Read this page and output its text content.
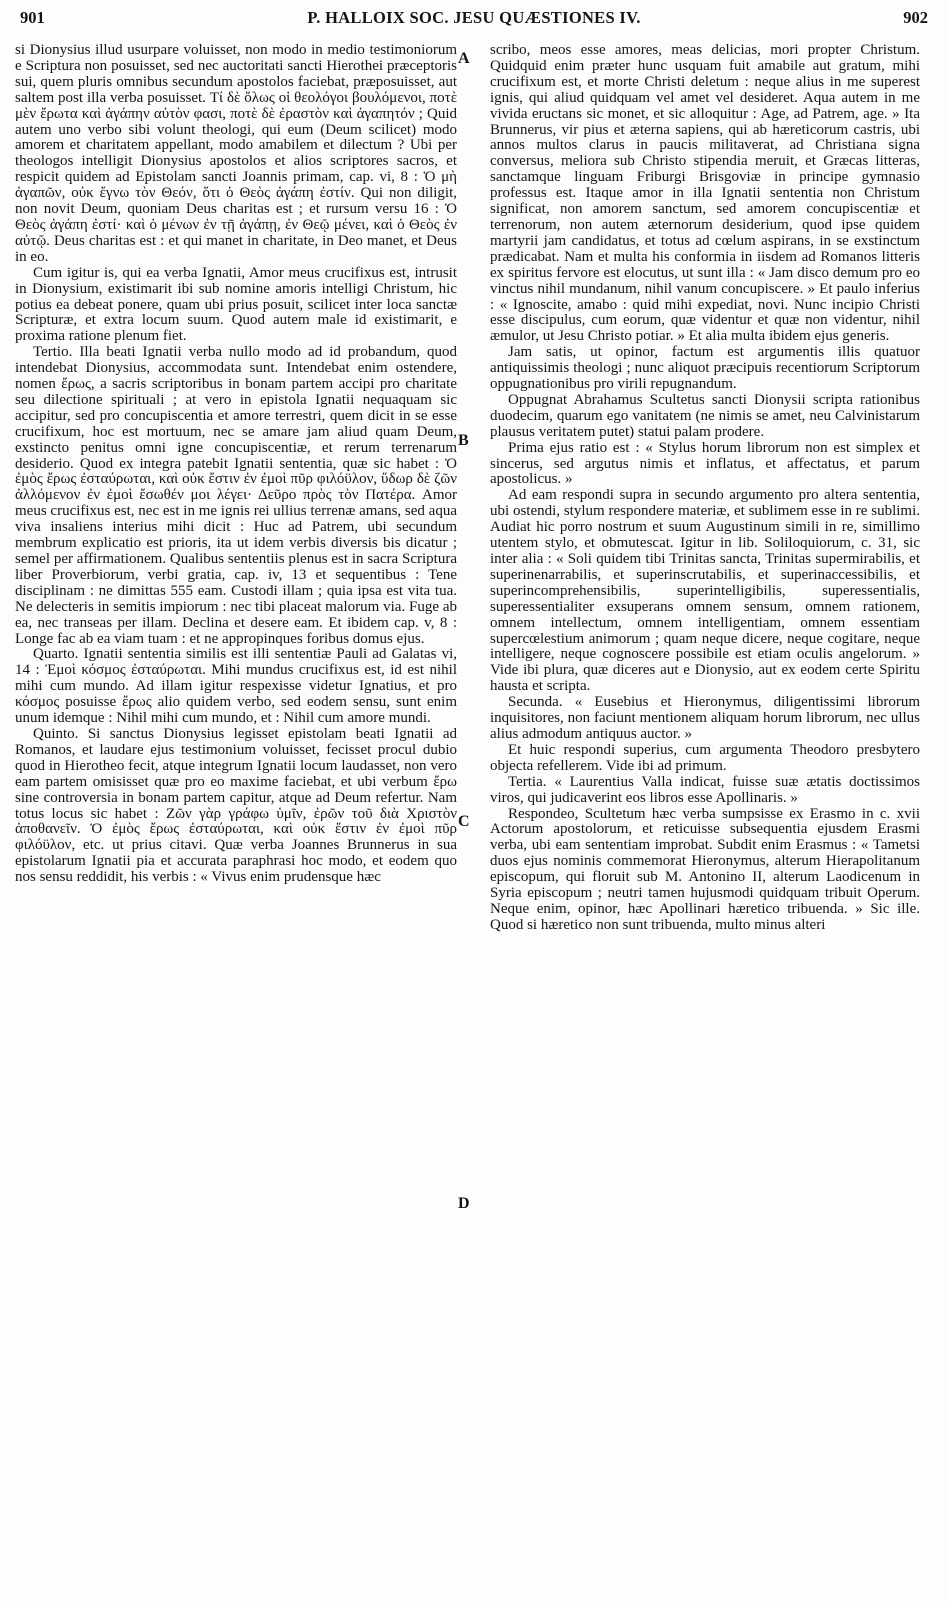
901	P. HALLOIX SOC. JESU QUÆSTIONES IV.	902
A
B
C
D

si Dionysius illud usurpare voluisset, non modo in medio testimoniorum e Scriptura non posuisset, sed nec auctoritati sancti Hierothei præceptoris sui, quem pluris omnibus secundum apostolos faciebat, præposuisset, aut saltem post illa verba posuisset. Τί δὲ ὅλως οἱ θεολόγοι βουλόμενοι, ποτὲ μὲν ἔρωτα καὶ ἀγάπην αὐτὸν φασι, ποτὲ δὲ ἐραστὸν καὶ ἀγαπητόν ; Quid autem uno verbo sibi volunt theologi, qui eum (Deum scilicet) modo amorem et charitatem appellant, modo amabilem et dilectum ? Ubi per theologos intelligit Dionysius apostolos et alios scriptores sacros, et respicit quidem ad Epistolam sancti Joannis primam, cap. vi, 8 : Ὁ μὴ ἀγαπῶν, οὐκ ἔγνω τὸν Θεόν, ὅτι ὁ Θεὸς ἀγάπη ἐστίν. Qui non diligit, non novit Deum, quoniam Deus charitas est ; et rursum versu 16 : Ὁ Θεὸς ἀγάπη ἐστί· καὶ ὁ μένων ἐν τῇ ἀγάπῃ, ἐν Θεῷ μένει, καὶ ὁ Θεὸς ἐν αὐτῷ. Deus charitas est : et qui manet in charitate, in Deo manet, et Deus in eo.

Cum igitur is, qui ea verba Ignatii, Amor meus crucifixus est, intrusit in Dionysium, existimarit ibi sub nomine amoris intelligi Christum, hic potius ea debeat ponere, quam ubi prius posuit, scilicet inter loca sanctæ Scripturæ, et extra locum suum. Quod autem male id existimarit, e proxima ratione plenum fiet.

Tertio. Illa beati Ignatii verba nullo modo ad id probandum, quod intendebat Dionysius, accommodata sunt. Intendebat enim ostendere, nomen ἔρως, a sacris scriptoribus in bonam partem accipi pro charitate seu dilectione spirituali ; at vero in epistola Ignatii nequaquam sic accipitur, sed pro concupiscentia et amore terrestri, quem dicit in se esse crucifixum, hoc est mortuum, nec se amare jam aliud quam Deum, exstincto penitus omni igne concupiscentiæ, et rerum terrenarum desiderio. Quod ex integra patebit Ignatii sententia, quæ sic habet : Ὁ ἐμὸς ἔρως ἐσταύρωται, καὶ οὐκ ἔστιν ἐν ἐμοὶ πῦρ φιλόϋλον, ὕδωρ δὲ ζῶν ἀλλόμενον ἐν ἐμοὶ ἔσωθέν μοι λέγει· Δεῦρο πρὸς τὸν Πατέρα. Amor meus crucifixus est, nec est in me ignis rei ullius terrenæ amans, sed aqua viva insaliens interius mihi dicit : Huc ad Patrem, ubi secundum membrum explicatio est prioris, ita ut idem verbis diversis bis dicatur ; semel per affirmationem. Qualibus sententiis plenus est in sacra Scriptura liber Proverbiorum, verbi gratia, cap. iv, 13 et sequentibus : Tene disciplinam : ne dimittas 555 eam. Custodi illam ; quia ipsa est vita tua. Ne delecteris in semitis impiorum : nec tibi placeat malorum via. Fuge ab ea, nec transeas per illam. Declina et desere eam. Et ibidem cap. v, 8 : Longe fac ab ea viam tuam : et ne appropinques foribus domus ejus.

Quarto. Ignatii sententia similis est illi sententiæ Pauli ad Galatas vi, 14 : Ἐμοὶ κόσμος ἐσταύρωται. Mihi mundus crucifixus est, id est nihil mihi cum mundo. Ad illam igitur respexisse videtur Ignatius, et pro κόσμος posuisse ἔρως alio quidem verbo, sed eodem sensu, sunt enim unum idemque : Nihil mihi cum mundo, et : Nihil cum amore mundi.

Quinto. Si sanctus Dionysius legisset epistolam beati Ignatii ad Romanos, et laudare ejus testimonium voluisset, fecisset procul dubio quod in Hierotheo fecit, atque integrum Ignatii locum laudasset, non vero eam partem omisisset quæ pro eo maxime faciebat, et ubi verbum ἔρω sine controversia in bonam partem capitur, atque ad Deum refertur. Nam totus locus sic habet : Ζῶν γὰρ γράφω ὑμῖν, ἐρῶν τοῦ διὰ Χριστὸν ἀποθανεῖν. Ὁ ἐμὸς ἔρως ἐσταύρωται, καὶ οὐκ ἔστιν ἐν ἐμοὶ πῦρ φιλόϋλον, etc. ut prius citavi. Quæ verba Joannes Brunnerus in sua epistolarum Ignatii pia et accurata paraphrasi hoc modo, et eodem quo nos sensu reddidit, his verbis : « Vivus enim prudensque hæc

scribo, meos esse amores, meas delicias, mori propter Christum. Quidquid enim præter hunc usquam fuit amabile aut gratum, mihi crucifixum est, et morte Christi deletum : neque alius in me superest ignis, qui aliud quidquam vel amet vel desideret. Aqua autem in me vivida eructans sic monet, et sic alloquitur : Age, ad Patrem, age. » Ita Brunnerus, vir pius et æterna sapiens, qui ab hæreticorum castris, ubi annos multos clarus in paucis militaverat, ad Christiana signa conversus, meliora sub Christo stipendia meruit, et Græcas litteras, sanctamque linguam Friburgi Brisgoviæ in principe gymnasio professus est. Itaque amor in illa Ignatii sententia non Christum significat, non amorem sanctum, sed amorem concupiscentiæ et terrenorum, non autem æternorum desiderium, quod ipse quidem martyrii jam candidatus, et totus ad cœlum aspirans, in se exstinctum prædicabat. Nam et multa his conformia in iisdem ad Romanos litteris ex spiritus fervore est elocutus, ut sunt illa : « Jam disco demum pro eo vinctus nihil mundanum, nihil vanum concupiscere. » Et paulo inferius : « Ignoscite, amabo : quid mihi expediat, novi. Nunc incipio Christi esse discipulus, cum eorum, quæ videntur et quæ non videntur, nihil æmulor, ut Jesu Christo potiar. » Et alia multa ibidem ejus generis.

Jam satis, ut opinor, factum est argumentis illis quatuor antiquissimis theologi ; nunc aliquot præcipuis recentiorum Scriptorum oppugnationibus pro virili repugnandum.

Oppugnat Abrahamus Scultetus sancti Dionysii scripta rationibus duodecim, quarum ego vanitatem (ne nimis se amet, neu Calvinistarum plausus veritatem putet) statui palam prodere.

Prima ejus ratio est : « Stylus horum librorum non est simplex et sincerus, sed argutus nimis et inflatus, et affectatus, et parum apostolicus. »

Ad eam respondi supra in secundo argumento pro altera sententia, ubi ostendi, stylum respondere materiæ, et sublimem esse in re sublimi. Audiat hic porro nostrum et suum Augustinum simili in re, simillimo utentem stylo, et obmutescat. Igitur in lib. Soliloquiorum, c. 31, sic inter alia : « Soli quidem tibi Trinitas sancta, Trinitas supermirabilis, et superinenarrabilis, et superinscrutabilis, et superinaccessibilis, et superincomprehensibilis, superintelligibilis, superessentialis, superessentialiter exsuperans omnem sensum, omnem rationem, omnem intellectum, omnem intelligentiam, omnem essentiam supercœlestium animorum ; quam neque dicere, neque cogitare, neque intelligere, neque cognoscere possibile est etiam oculis angelorum. » Vide ibi plura, quæ diceres aut e Dionysio, aut ex eodem certe Spiritu hausta et scripta.

Secunda. « Eusebius et Hieronymus, diligentissimi librorum inquisitores, non faciunt mentionem aliquam horum librorum, nec ullus alius admodum antiquus auctor. »

Et huic respondi superius, cum argumenta Theodoro presbytero objecta refellerem. Vide ibi ad primum.

Tertia. « Laurentius Valla indicat, fuisse suæ ætatis doctissimos viros, qui judicaverint eos libros esse Apollinaris. »

Respondeo, Scultetum hæc verba sumpsisse ex Erasmo in c. xvii Actorum apostolorum, et reticuisse subsequentia ejusdem Erasmi verba, ubi eam sententiam improbat. Subdit enim Erasmus : « Tametsi duos ejus nominis commemorat Hieronymus, alterum Hierapolitanum episcopum, qui floruit sub M. Antonino II, alterum Laodicenum in Syria episcopum ; neutri tamen hujusmodi quidquam tribuit Operum. Neque enim, opinor, hæc Apollinari hæretico tribuenda. » Sic ille. Quod si hæretico non sunt tribuenda, multo minus alteri
